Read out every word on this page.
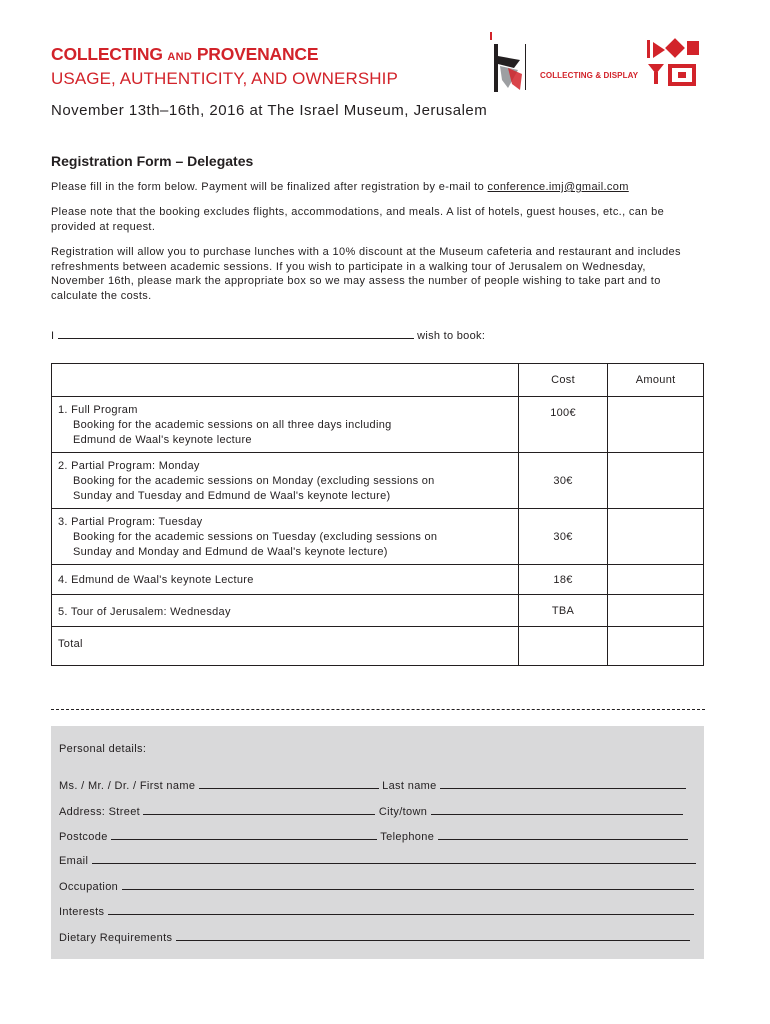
COLLECTING AND PROVENANCE
USAGE, AUTHENTICITY, AND OWNERSHIP	COLLECTING & DISPLAY
November 13th–16th, 2016 at The Israel Museum, Jerusalem
Registration Form – Delegates
Please fill in the form below. Payment will be finalized after registration by e-mail to conference.imj@gmail.com
Please note that the booking excludes flights, accommodations, and meals. A list of hotels, guest houses, etc., can be provided at request.
Registration will allow you to purchase lunches with a 10% discount at the Museum cafeteria and restaurant and includes refreshments between academic sessions. If you wish to participate in a walking tour of Jerusalem on Wednesday, November 16th, please mark the appropriate box so we may assess the number of people wishing to take part and to calculate the costs.
I	wish to book:
	Cost	Amount

1. Full Program
Booking for the academic sessions on all three days including
Edmund de Waal's keynote lecture	100€	

2. Partial Program: Monday
Booking for the academic sessions on Monday (excluding sessions on
Sunday and Tuesday and Edmund de Waal's keynote lecture)	30€	

3. Partial Program: Tuesday
Booking for the academic sessions on Tuesday (excluding sessions on
Sunday and Monday and Edmund de Waal's keynote lecture)	30€	

4. Edmund de Waal's keynote Lecture	18€	

5. Tour of Jerusalem: Wednesday	TBA	

Total		

Personal details:
Ms. / Mr. / Dr. / First name	Last name
Address: Street	City/town
Postcode	Telephone
Email
Occupation
Interests
Dietary Requirements
